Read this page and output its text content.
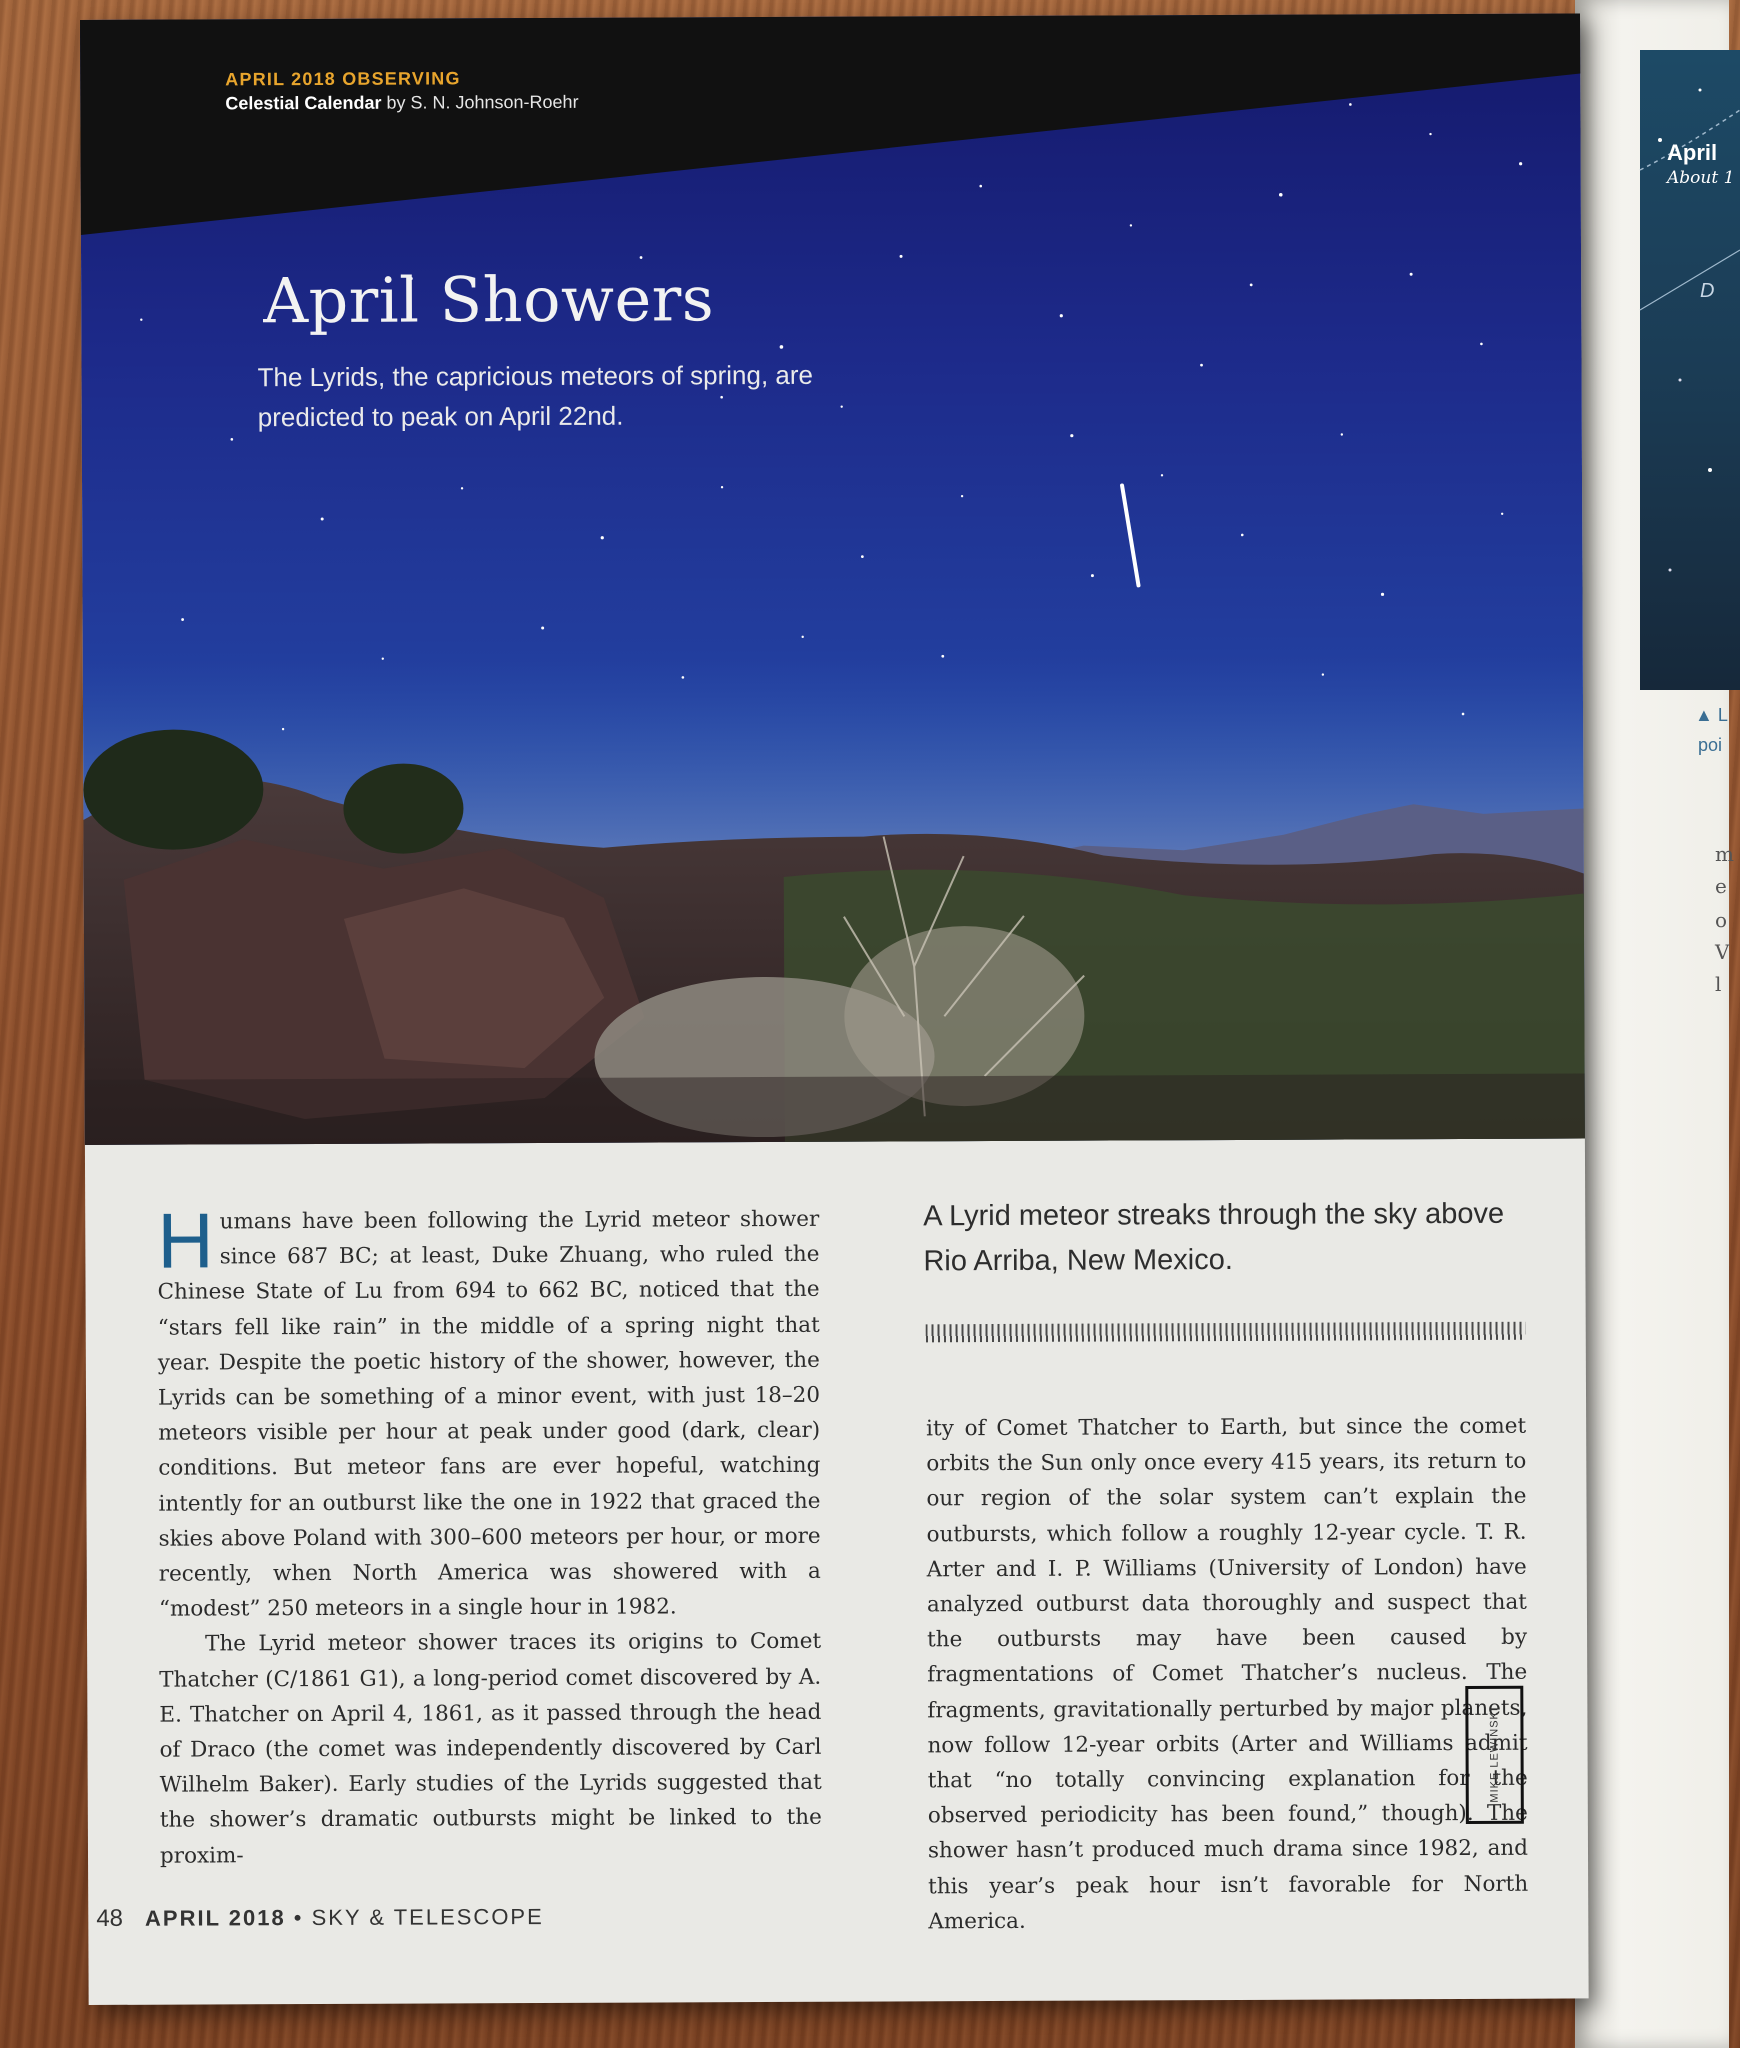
April
About 1
D
▲ L
poi
m
e
o
V
l
APRIL 2018 OBSERVING
Celestial Calendar by S. N. Johnson-Roehr
April Showers
The Lyrids, the capricious meteors of spring, are predicted to peak on April 22nd.

Humans have been following the Lyrid meteor shower since 687 BC; at least, Duke Zhuang, who ruled the Chinese State of Lu from 694 to 662 BC, noticed that the “stars fell like rain” in the middle of a spring night that year. Despite the poetic history of the shower, however, the Lyrids can be something of a minor event, with just 18–20 meteors visible per hour at peak under good (dark, clear) conditions. But meteor fans are ever hopeful, watching intently for an outburst like the one in 1922 that graced the skies above Poland with 300–600 meteors per hour, or more recently, when North America was showered with a “modest” 250 meteors in a single hour in 1982.

The Lyrid meteor shower traces its origins to Comet Thatcher (C/1861 G1), a long-period comet discovered by A. E. Thatcher on April 4, 1861, as it passed through the head of Draco (the comet was independently discovered by Carl Wilhelm Baker). Early studies of the Lyrids suggested that the shower’s dramatic outbursts might be linked to the proxim-

A Lyrid meteor streaks through the sky above Rio Arriba, New Mexico.

ity of Comet Thatcher to Earth, but since the comet orbits the Sun only once every 415 years, its return to our region of the solar system can’t explain the outbursts, which follow a roughly 12-year cycle. T. R. Arter and I. P. Williams (University of London) have analyzed outburst data thoroughly and suspect that the outbursts may have been caused by fragmentations of Comet Thatcher’s nucleus. The fragments, gravitationally perturbed by major planets, now follow 12-year orbits (Arter and Williams admit that “no totally convincing explanation for the observed periodicity has been found,” though). The shower hasn’t produced much drama since 1982, and this year’s peak hour isn’t favorable for North America.

MIKE LEWINSKI
48 APRIL 2018 • SKY & TELESCOPE
